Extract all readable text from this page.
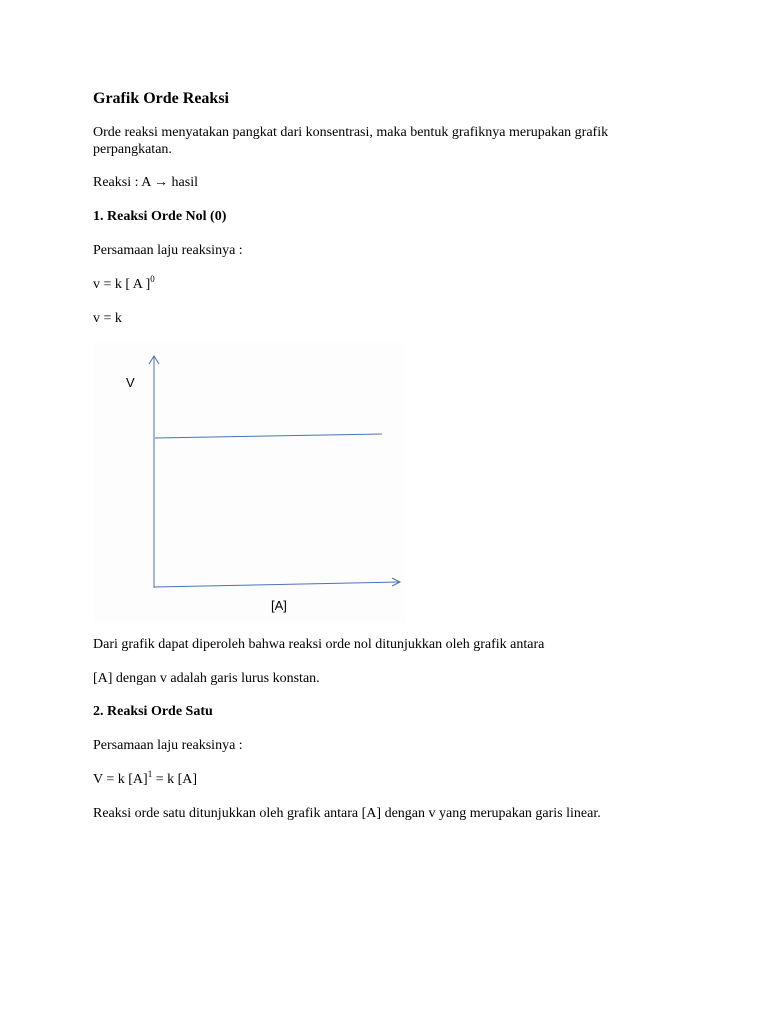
Grafik Orde Reaksi

Orde reaksi menyatakan pangkat dari konsentrasi, maka bentuk grafiknya merupakan grafik perpangkatan.

Reaksi : A → hasil

1. Reaksi Orde Nol (0)

Persamaan laju reaksinya :

v = k [ A ]$^0$

v = k

V
[A]

Dari grafik dapat diperoleh bahwa reaksi orde nol ditunjukkan oleh grafik antara

[A] dengan v adalah garis lurus konstan.

2. Reaksi Orde Satu

Persamaan laju reaksinya :

V = k $[A]^1 = k$ [A]

Reaksi orde satu ditunjukkan oleh grafik antara [A] dengan v yang merupakan garis linear.
